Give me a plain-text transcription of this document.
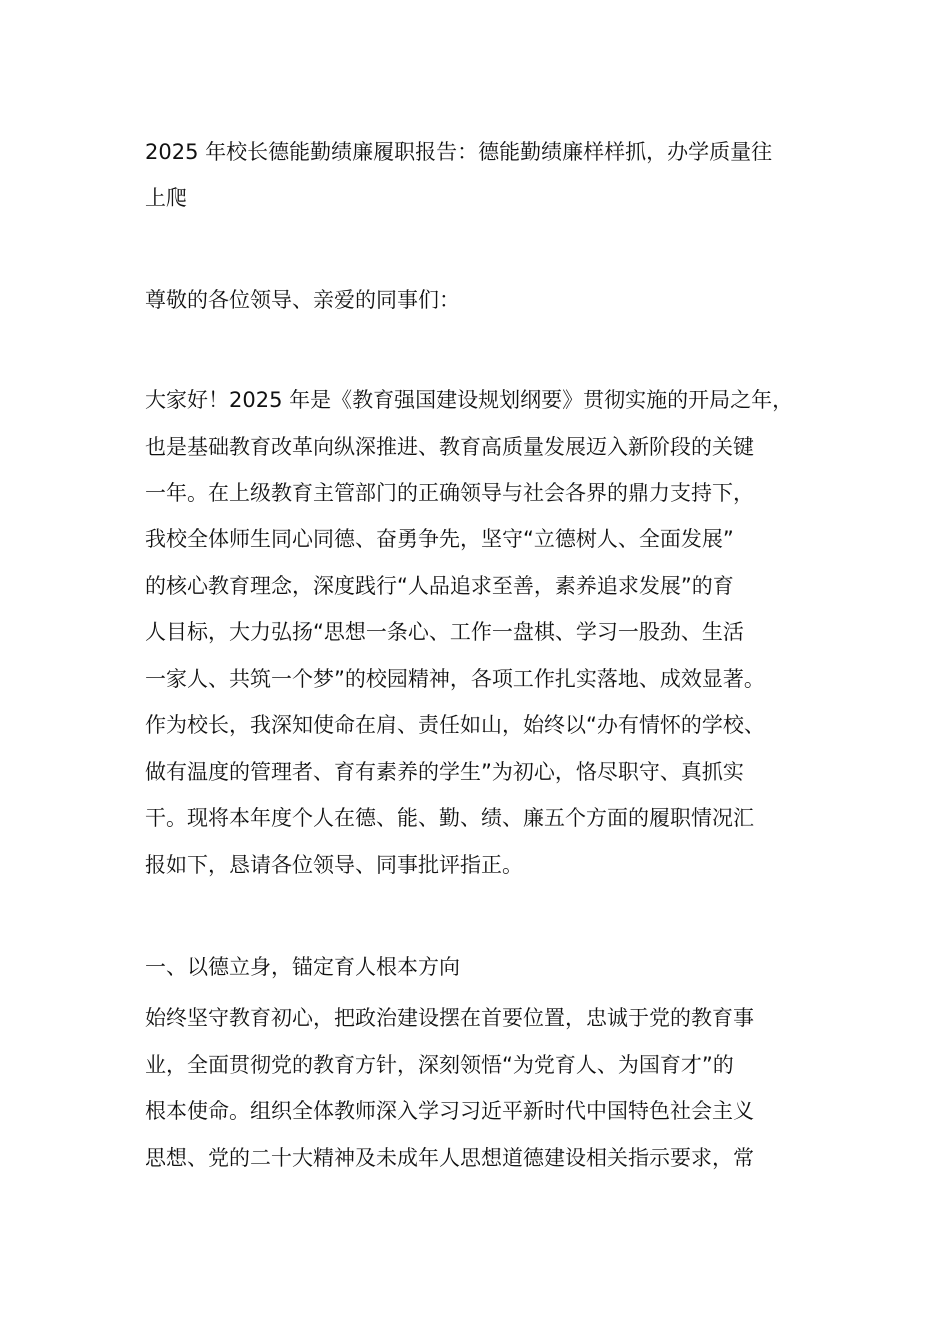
2025 年校长德能勤绩廉履职报告：德能勤绩廉样样抓，办学质量往
上爬
尊敬的各位领导、亲爱的同事们：
大家好！2025 年是《教育强国建设规划纲要》贯彻实施的开局之年，
也是基础教育改革向纵深推进、教育高质量发展迈入新阶段的关键
一年。在上级教育主管部门的正确领导与社会各界的鼎力支持下，
我校全体师生同心同德、奋勇争先，坚守“立德树人、全面发展”
的核心教育理念，深度践行“人品追求至善，素养追求发展”的育
人目标，大力弘扬“思想一条心、工作一盘棋、学习一股劲、生活
一家人、共筑一个梦”的校园精神，各项工作扎实落地、成效显著。
作为校长，我深知使命在肩、责任如山，始终以“办有情怀的学校、
做有温度的管理者、育有素养的学生”为初心，恪尽职守、真抓实
干。现将本年度个人在德、能、勤、绩、廉五个方面的履职情况汇
报如下，恳请各位领导、同事批评指正。
一、以德立身，锚定育人根本方向
始终坚守教育初心，把政治建设摆在首要位置，忠诚于党的教育事
业，全面贯彻党的教育方针，深刻领悟“为党育人、为国育才”的
根本使命。组织全体教师深入学习习近平新时代中国特色社会主义
思想、党的二十大精神及未成年人思想道德建设相关指示要求，常
